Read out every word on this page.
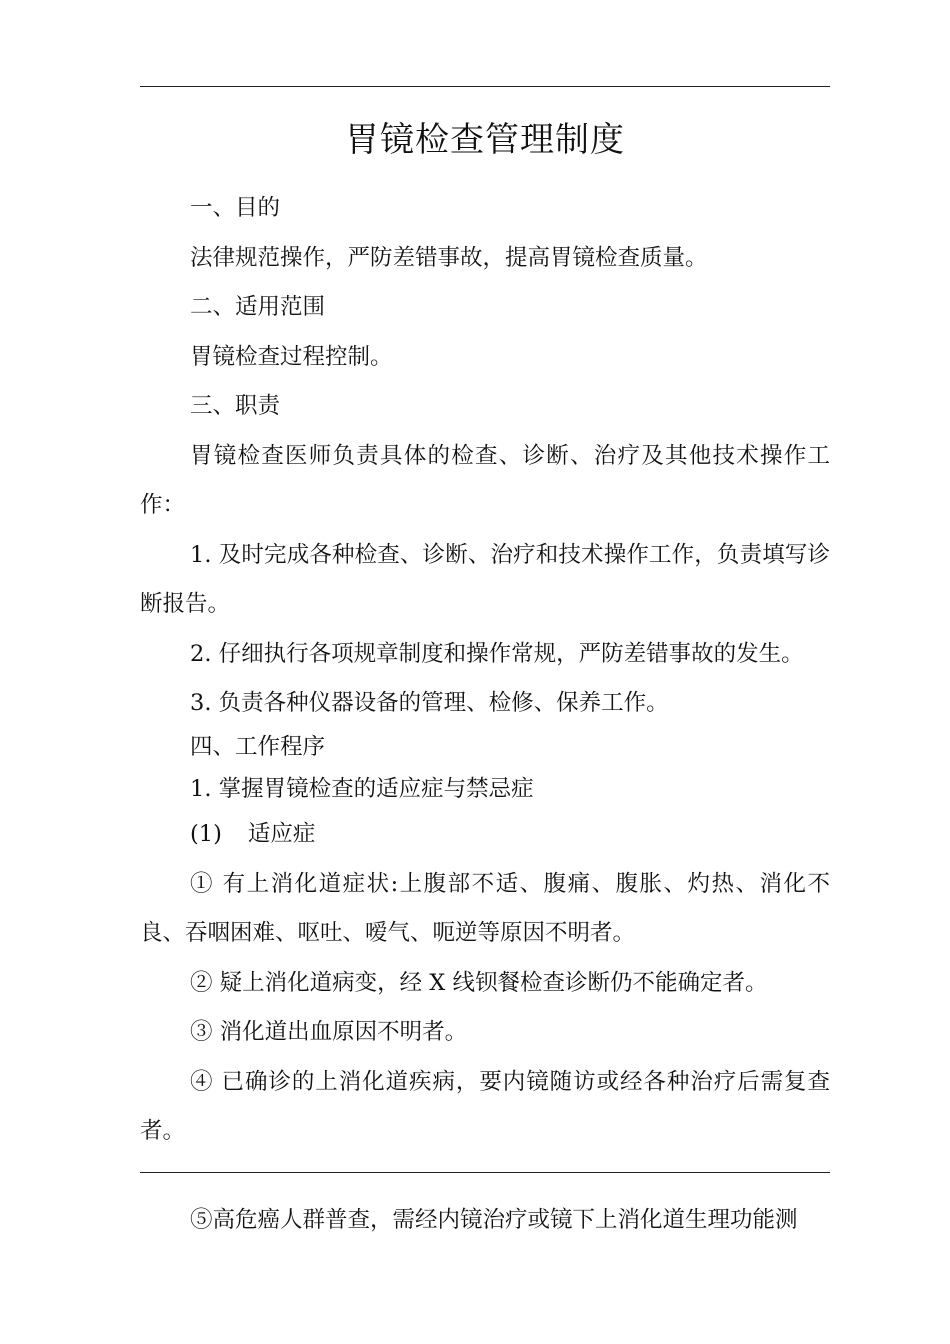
胃镜检查管理制度

一、目的

法律规范操作，严防差错事故，提高胃镜检查质量。

二、适用范围

胃镜检查过程控制。

三、职责

胃镜检查医师负责具体的检查、诊断、治疗及其他技术操作工作：

1. 及时完成各种检查、诊断、治疗和技术操作工作，负责填写诊断报告。

2. 仔细执行各项规章制度和操作常规，严防差错事故的发生。

3. 负责各种仪器设备的管理、检修、保养工作。

四、工作程序

1. 掌握胃镜检查的适应症与禁忌症

(1) 适应症

① 有上消化道症状:上腹部不适、腹痛、腹胀、灼热、消化不良、吞咽困难、呕吐、嗳气、呃逆等原因不明者。

② 疑上消化道病变，经 X 线钡餐检查诊断仍不能确定者。

③ 消化道出血原因不明者。

④ 已确诊的上消化道疾病，要内镜随访或经各种治疗后需复查者。

⑤高危癌人群普查，需经内镜治疗或镜下上消化道生理功能测
